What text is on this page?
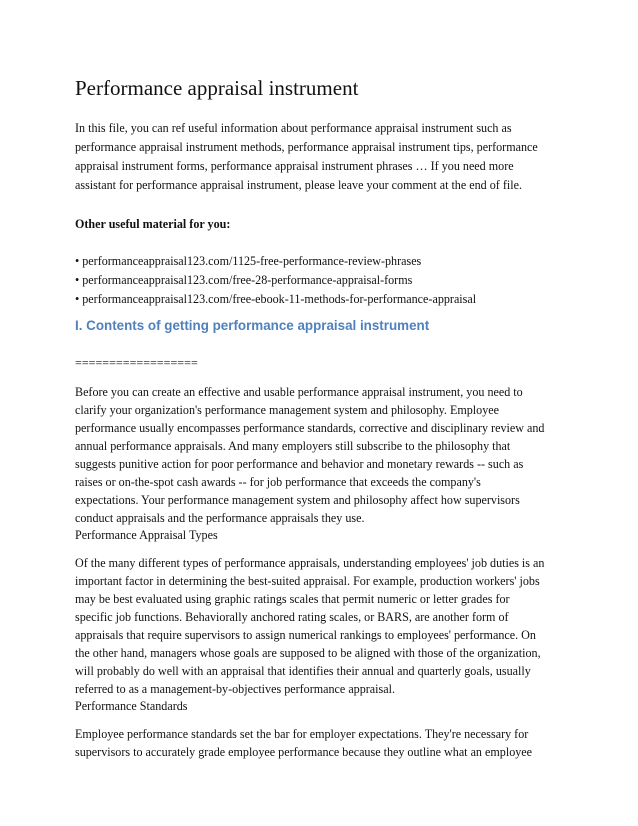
Performance appraisal instrument
In this file, you can ref useful information about performance appraisal instrument such as
performance appraisal instrument methods, performance appraisal instrument tips, performance
appraisal instrument forms, performance appraisal instrument phrases … If you need more
assistant for performance appraisal instrument, please leave your comment at the end of file.
Other useful material for you:
• performanceappraisal123.com/1125-free-performance-review-phrases
• performanceappraisal123.com/free-28-performance-appraisal-forms
• performanceappraisal123.com/free-ebook-11-methods-for-performance-appraisal
I. Contents of getting performance appraisal instrument
==================
Before you can create an effective and usable performance appraisal instrument, you need to
clarify your organization's performance management system and philosophy. Employee
performance usually encompasses performance standards, corrective and disciplinary review and
annual performance appraisals. And many employers still subscribe to the philosophy that
suggests punitive action for poor performance and behavior and monetary rewards -- such as
raises or on-the-spot cash awards -- for job performance that exceeds the company's
expectations. Your performance management system and philosophy affect how supervisors
conduct appraisals and the performance appraisals they use.
Performance Appraisal Types
Of the many different types of performance appraisals, understanding employees' job duties is an
important factor in determining the best-suited appraisal. For example, production workers' jobs
may be best evaluated using graphic ratings scales that permit numeric or letter grades for
specific job functions. Behaviorally anchored rating scales, or BARS, are another form of
appraisals that require supervisors to assign numerical rankings to employees' performance. On
the other hand, managers whose goals are supposed to be aligned with those of the organization,
will probably do well with an appraisal that identifies their annual and quarterly goals, usually
referred to as a management-by-objectives performance appraisal.
Performance Standards
Employee performance standards set the bar for employer expectations. They're necessary for
supervisors to accurately grade employee performance because they outline what an employee
